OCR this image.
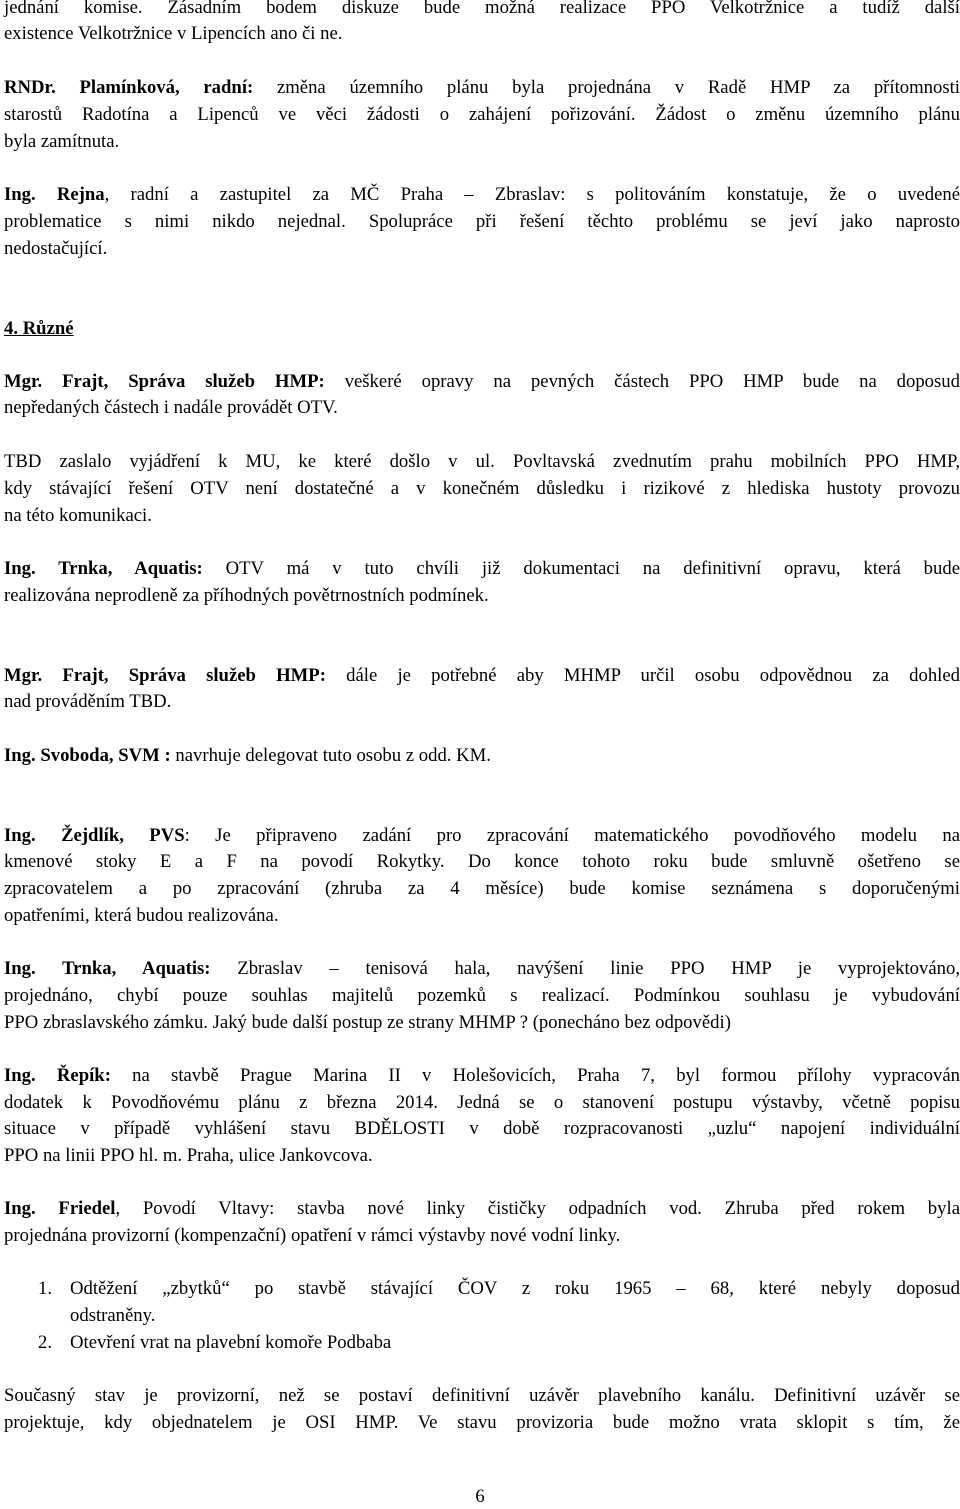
jednání komise. Zásadním bodem diskuze bude možná realizace PPO Velkotržnice a tudíž další
existence Velkotržnice v Lipencích ano či ne.
RNDr. Plamínková, radní: změna územního plánu byla projednána v Radě HMP za přítomnosti
starostů Radotína a Lipenců ve věci žádosti o zahájení pořizování. Žádost o změnu územního plánu
byla zamítnuta.
Ing. Rejna, radní a zastupitel za MČ Praha – Zbraslav: s politováním konstatuje, že o uvedené
problematice s nimi nikdo nejednal. Spolupráce při řešení těchto problému se jeví jako naprosto
nedostačující.
4. Různé
Mgr. Frajt, Správa služeb HMP: veškeré opravy na pevných částech PPO HMP bude na doposud
nepředaných částech i nadále provádět OTV.
TBD zaslalo vyjádření k MU, ke které došlo v ul. Povltavská zvednutím prahu mobilních PPO HMP,
kdy stávající řešení OTV není dostatečné a v konečném důsledku i rizikové z hlediska hustoty provozu
na této komunikaci.
Ing. Trnka, Aquatis: OTV má v tuto chvíli již dokumentaci na definitivní opravu, která bude
realizována neprodleně za příhodných povětrnostních podmínek.
Mgr. Frajt, Správa služeb HMP: dále je potřebné aby MHMP určil osobu odpovědnou za dohled
nad prováděním TBD.
Ing. Svoboda, SVM : navrhuje delegovat tuto osobu z odd. KM.
Ing. Žejdlík, PVS: Je připraveno zadání pro zpracování matematického povodňového modelu na
kmenové stoky E a F na povodí Rokytky. Do konce tohoto roku bude smluvně ošetřeno se
zpracovatelem a po zpracování (zhruba za 4 měsíce) bude komise seznámena s doporučenými
opatřeními, která budou realizována.
Ing. Trnka, Aquatis: Zbraslav – tenisová hala, navýšení linie PPO HMP je vyprojektováno,
projednáno, chybí pouze souhlas majitelů pozemků s realizací. Podmínkou souhlasu je vybudování
PPO zbraslavského zámku. Jaký bude další postup ze strany MHMP ? (ponecháno bez odpovědi)
Ing. Řepík: na stavbě Prague Marina II v Holešovicích, Praha 7, byl formou přílohy vypracován
dodatek k Povodňovému plánu z března 2014. Jedná se o stanovení postupu výstavby, včetně popisu
situace v případě vyhlášení stavu BDĚLOSTI v době rozpracovanosti „uzlu“ napojení individuální
PPO na linii PPO hl. m. Praha, ulice Jankovcova.
Ing. Friedel, Povodí Vltavy: stavba nové linky čističky odpadních vod. Zhruba před rokem byla
projednána provizorní (kompenzační) opatření v rámci výstavby nové vodní linky.
1. Odtěžení „zbytků“ po stavbě stávající ČOV z roku 1965 – 68, které nebyly doposud
odstraněny.
2. Otevření vrat na plavební komoře Podbaba
Současný stav je provizorní, než se postaví definitivní uzávěr plavebního kanálu. Definitivní uzávěr se
projektuje, kdy objednatelem je OSI HMP. Ve stavu provizoria bude možno vrata sklopit s tím, že
6
